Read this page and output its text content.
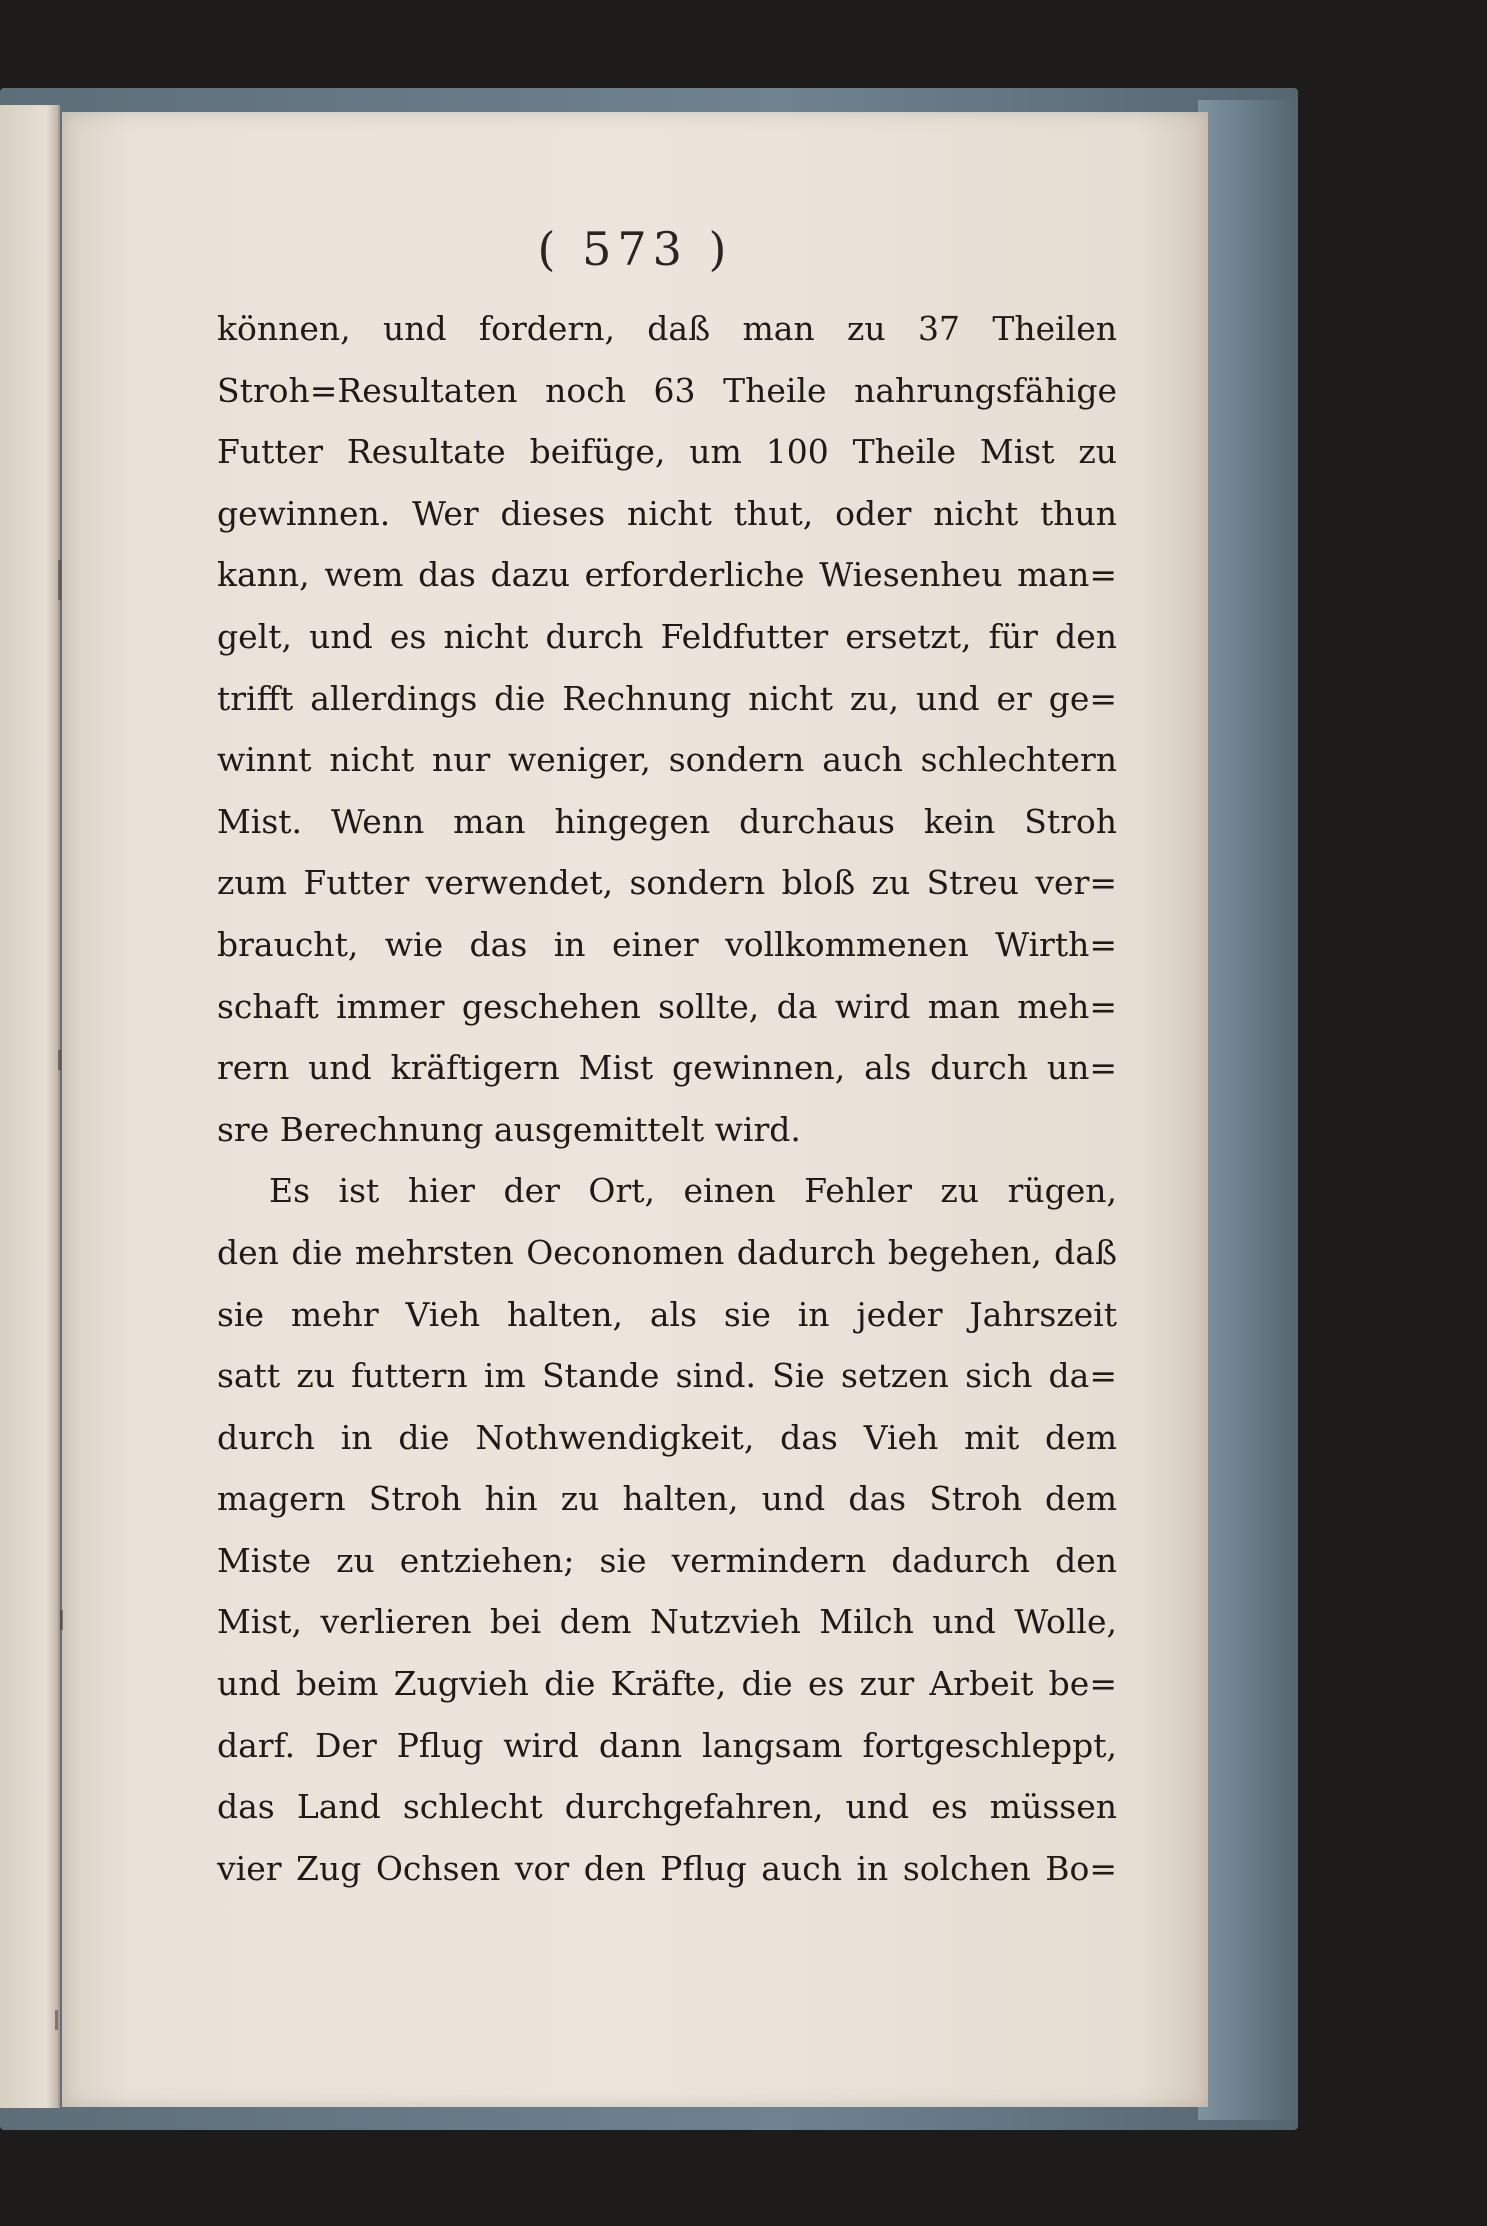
( 573 )
können, und fordern, daß man zu 37 Theilen
Stroh=Resultaten noch 63 Theile nahrungsfähige
Futter Resultate beifüge, um 100 Theile Mist zu
gewinnen. Wer dieses nicht thut, oder nicht thun
kann, wem das dazu erforderliche Wiesenheu man=
gelt, und es nicht durch Feldfutter ersetzt, für den
trifft allerdings die Rechnung nicht zu, und er ge=
winnt nicht nur weniger, sondern auch schlechtern
Mist. Wenn man hingegen durchaus kein Stroh
zum Futter verwendet, sondern bloß zu Streu ver=
braucht, wie das in einer vollkommenen Wirth=
schaft immer geschehen sollte, da wird man meh=
rern und kräftigern Mist gewinnen, als durch un=
sre Berechnung ausgemittelt wird.
Es ist hier der Ort, einen Fehler zu rügen,
den die mehrsten Oeconomen dadurch begehen, daß
sie mehr Vieh halten, als sie in jeder Jahrszeit
satt zu futtern im Stande sind. Sie setzen sich da=
durch in die Nothwendigkeit, das Vieh mit dem
magern Stroh hin zu halten, und das Stroh dem
Miste zu entziehen; sie vermindern dadurch den
Mist, verlieren bei dem Nutzvieh Milch und Wolle,
und beim Zugvieh die Kräfte, die es zur Arbeit be=
darf. Der Pflug wird dann langsam fortgeschleppt,
das Land schlecht durchgefahren, und es müssen
vier Zug Ochsen vor den Pflug auch in solchen Bo=
